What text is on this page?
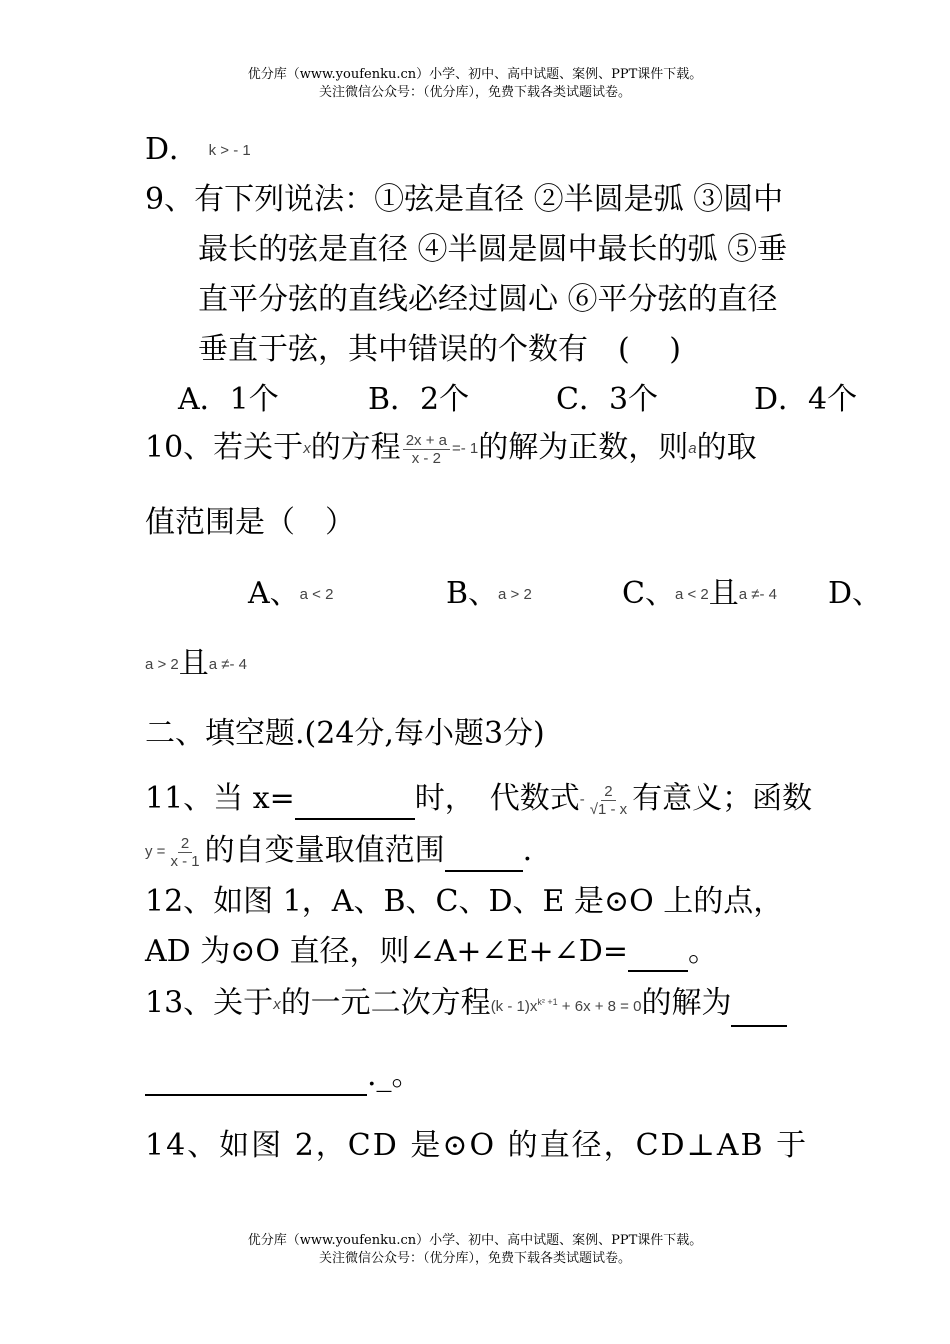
优分库（www.youfenku.cn）小学、初中、高中试题、案例、PPT课件下载。
关注微信公众号：（优分库），免费下载各类试题试卷。
D． k > - 1
9、有下列说法：①弦是直径 ②半圆是弧 ③圆中
最长的弦是直径 ④半圆是圆中最长的弧 ⑤垂
直平分弦的直线必经过圆心 ⑥平分弦的直径
垂直于弦，其中错误的个数有　(　 )
A．1个	B．2个	C．3个	D．4个
10、若关于x的方程 $\frac{2x + a}{x - 2} =- 1$的解为正数，则a的取
值范围是（　）
A、a < 2	B、a > 2	C、a < 2且a ≠- 4 D、
a > 2且a ≠- 4
二、填空题.(24分,每小题3分)
11、当 x=	时，　代数式- $\frac{2}{√1 - x}$ 有意义；函数
$y = \frac{2}{x - 1}$ 的自变量取值范围	.
12、如图 1，A、B、C、D、E 是⊙O 上的点，
AD 为⊙O 直径，则∠A+∠E+∠D= 。
13、关于x的一元二次方程$(k - 1)x^{k^2 +1} + 6x + 8 = 0$的解为
._。
14、如图 2，CD 是⊙O 的直径，CD⊥AB 于
优分库（www.youfenku.cn）小学、初中、高中试题、案例、PPT课件下载。
关注微信公众号：（优分库），免费下载各类试题试卷。
